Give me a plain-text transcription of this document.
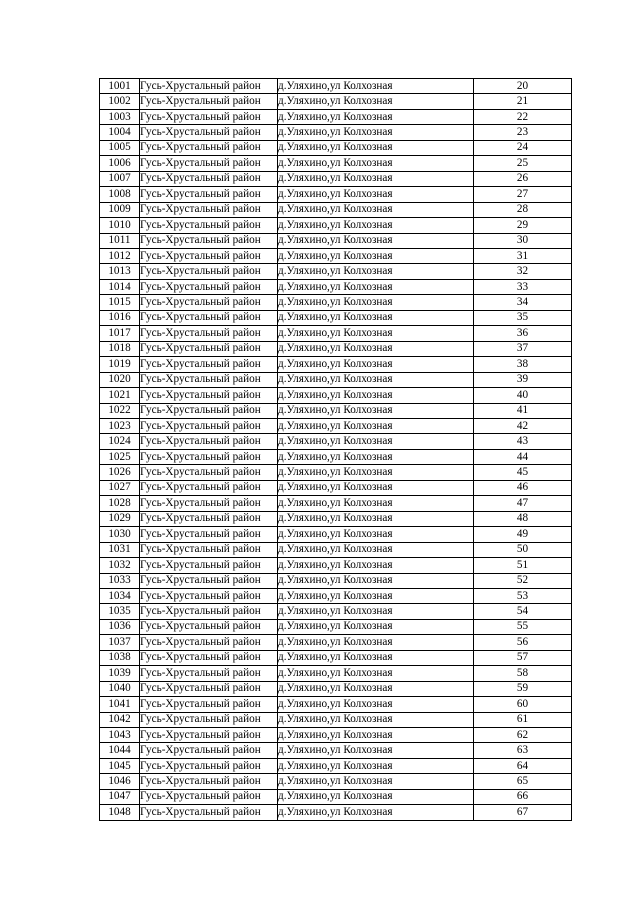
1001	Гусь-Хрустальный район	д.Уляхино,ул Колхозная	20
1002	Гусь-Хрустальный район	д.Уляхино,ул Колхозная	21
1003	Гусь-Хрустальный район	д.Уляхино,ул Колхозная	22
1004	Гусь-Хрустальный район	д.Уляхино,ул Колхозная	23
1005	Гусь-Хрустальный район	д.Уляхино,ул Колхозная	24
1006	Гусь-Хрустальный район	д.Уляхино,ул Колхозная	25
1007	Гусь-Хрустальный район	д.Уляхино,ул Колхозная	26
1008	Гусь-Хрустальный район	д.Уляхино,ул Колхозная	27
1009	Гусь-Хрустальный район	д.Уляхино,ул Колхозная	28
1010	Гусь-Хрустальный район	д.Уляхино,ул Колхозная	29
1011	Гусь-Хрустальный район	д.Уляхино,ул Колхозная	30
1012	Гусь-Хрустальный район	д.Уляхино,ул Колхозная	31
1013	Гусь-Хрустальный район	д.Уляхино,ул Колхозная	32
1014	Гусь-Хрустальный район	д.Уляхино,ул Колхозная	33
1015	Гусь-Хрустальный район	д.Уляхино,ул Колхозная	34
1016	Гусь-Хрустальный район	д.Уляхино,ул Колхозная	35
1017	Гусь-Хрустальный район	д.Уляхино,ул Колхозная	36
1018	Гусь-Хрустальный район	д.Уляхино,ул Колхозная	37
1019	Гусь-Хрустальный район	д.Уляхино,ул Колхозная	38
1020	Гусь-Хрустальный район	д.Уляхино,ул Колхозная	39
1021	Гусь-Хрустальный район	д.Уляхино,ул Колхозная	40
1022	Гусь-Хрустальный район	д.Уляхино,ул Колхозная	41
1023	Гусь-Хрустальный район	д.Уляхино,ул Колхозная	42
1024	Гусь-Хрустальный район	д.Уляхино,ул Колхозная	43
1025	Гусь-Хрустальный район	д.Уляхино,ул Колхозная	44
1026	Гусь-Хрустальный район	д.Уляхино,ул Колхозная	45
1027	Гусь-Хрустальный район	д.Уляхино,ул Колхозная	46
1028	Гусь-Хрустальный район	д.Уляхино,ул Колхозная	47
1029	Гусь-Хрустальный район	д.Уляхино,ул Колхозная	48
1030	Гусь-Хрустальный район	д.Уляхино,ул Колхозная	49
1031	Гусь-Хрустальный район	д.Уляхино,ул Колхозная	50
1032	Гусь-Хрустальный район	д.Уляхино,ул Колхозная	51
1033	Гусь-Хрустальный район	д.Уляхино,ул Колхозная	52
1034	Гусь-Хрустальный район	д.Уляхино,ул Колхозная	53
1035	Гусь-Хрустальный район	д.Уляхино,ул Колхозная	54
1036	Гусь-Хрустальный район	д.Уляхино,ул Колхозная	55
1037	Гусь-Хрустальный район	д.Уляхино,ул Колхозная	56
1038	Гусь-Хрустальный район	д.Уляхино,ул Колхозная	57
1039	Гусь-Хрустальный район	д.Уляхино,ул Колхозная	58
1040	Гусь-Хрустальный район	д.Уляхино,ул Колхозная	59
1041	Гусь-Хрустальный район	д.Уляхино,ул Колхозная	60
1042	Гусь-Хрустальный район	д.Уляхино,ул Колхозная	61
1043	Гусь-Хрустальный район	д.Уляхино,ул Колхозная	62
1044	Гусь-Хрустальный район	д.Уляхино,ул Колхозная	63
1045	Гусь-Хрустальный район	д.Уляхино,ул Колхозная	64
1046	Гусь-Хрустальный район	д.Уляхино,ул Колхозная	65
1047	Гусь-Хрустальный район	д.Уляхино,ул Колхозная	66
1048	Гусь-Хрустальный район	д.Уляхино,ул Колхозная	67
